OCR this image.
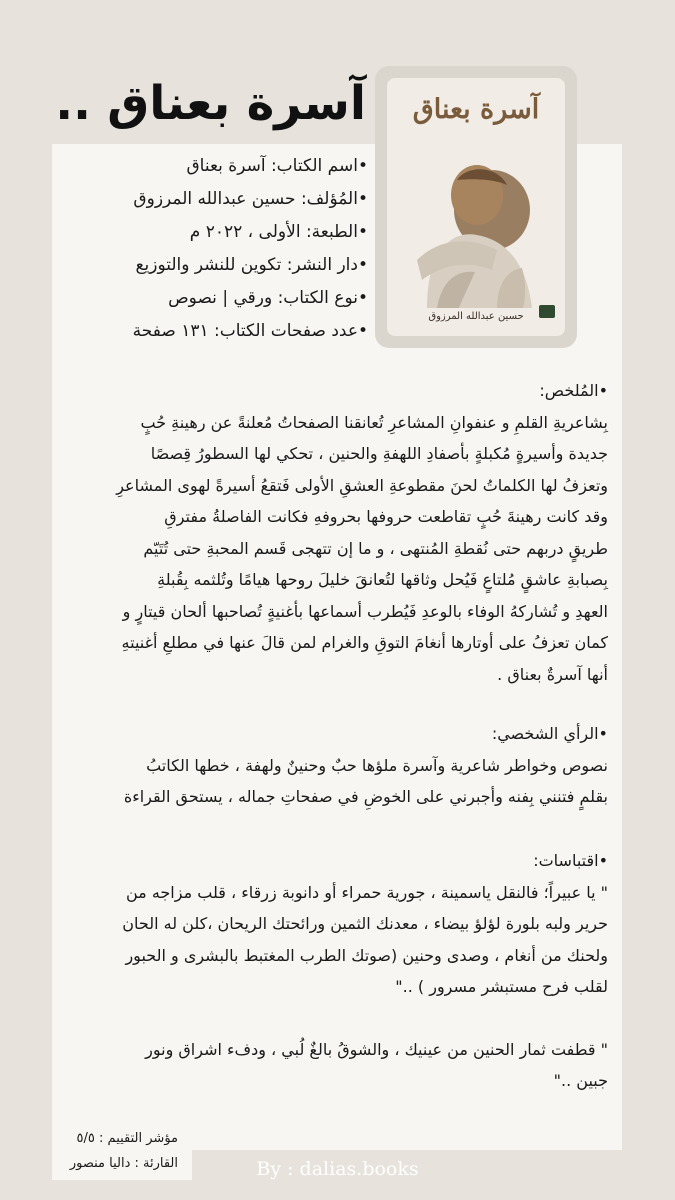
آسرة بعناق ..	آسرة بعناق
حسين عبدالله المرزوق
•اسم الكتاب: آسرة بعناق
•المُؤلف: حسين عبدالله المرزوق
•الطبعة: الأولى ، ٢٠٢٢ م
•دار النشر: تكوين للنشر والتوزيع
•نوع الكتاب: ورقي | نصوص
•عدد صفحات الكتاب: ١٣١ صفحة
•المُلخص:
بِشاعريةِ القلمِ و عنفوانِ المشاعرِ تُعانقنا الصفحاتُ مُعلنةً عن رهينةِ حُبٍ
جديدة وأسيرةٍ مُكبلةٍ بأصفادِ اللهفةِ والحنين ، تحكي لها السطورُ قِصصًا
وتعزفُ لها الكلماتُ لحنَ مقطوعةِ العشقِ الأولى فَتقعُ أسيرةً لهوى المشاعرِ
وقد كانت رهينةَ حُبٍ تقاطعت حروفها بحروفهِ فكانت الفاصلةُ مفترقِ
طريقٍ دربهم حتى نُقطةِ المُنتهى ، و ما إن تتهجى قَسم المحبةِ حتى تُتَيّم
بِصبابةِ عاشقٍ مُلتاعٍ فَيُحل وثاقها لتُعانقَ خليلَ روحها هيامًا وتُلثمه بِقُبلةِ
العهدِ و تُشاركهُ الوفاء بالوعدِ فَيُطرب أسماعها بأغنيةٍ تُصاحبها ألحان قيتارٍ و
كمان تعزفُ على أوتارها أنغامَ التوقِ والغرام لمن قالَ عنها في مطلعِ أغنيتهِ
أنها آسرةٌ بعناق .
•الرأي الشخصي:
نصوص وخواطر شاعرية وآسرة ملؤها حبٌ وحنينٌ ولهفة ، خطها الكاتبُ
بقلمٍ فتنني بِفنه وأجبرني على الخوضِ في صفحاتِ جماله ، يستحق القراءة
•اقتباسات:
" يا عبيراً؛ فالنقل ياسمينة ، جورية حمراء أو دانوبة زرقاء ، قلب مزاجه من
حرير ولبه بلورة لؤلؤ بيضاء ، معدنك الثمين ورائحتك الريحان ،كلن له الحان
ولحنك من أنغام ، وصدى وحنين (صوتك الطرب المغتبط بالبشرى و الحبور
لقلب فرح مستبشر مسرور ) .."
" قطفت ثمار الحنين من عينيك ، والشوقُ بالغٌ لُبي ، ودفء اشراق ونور
جبين .."
مؤشر التقييم : ٥/٥
القارئة : داليا منصور	By : dalias.books
